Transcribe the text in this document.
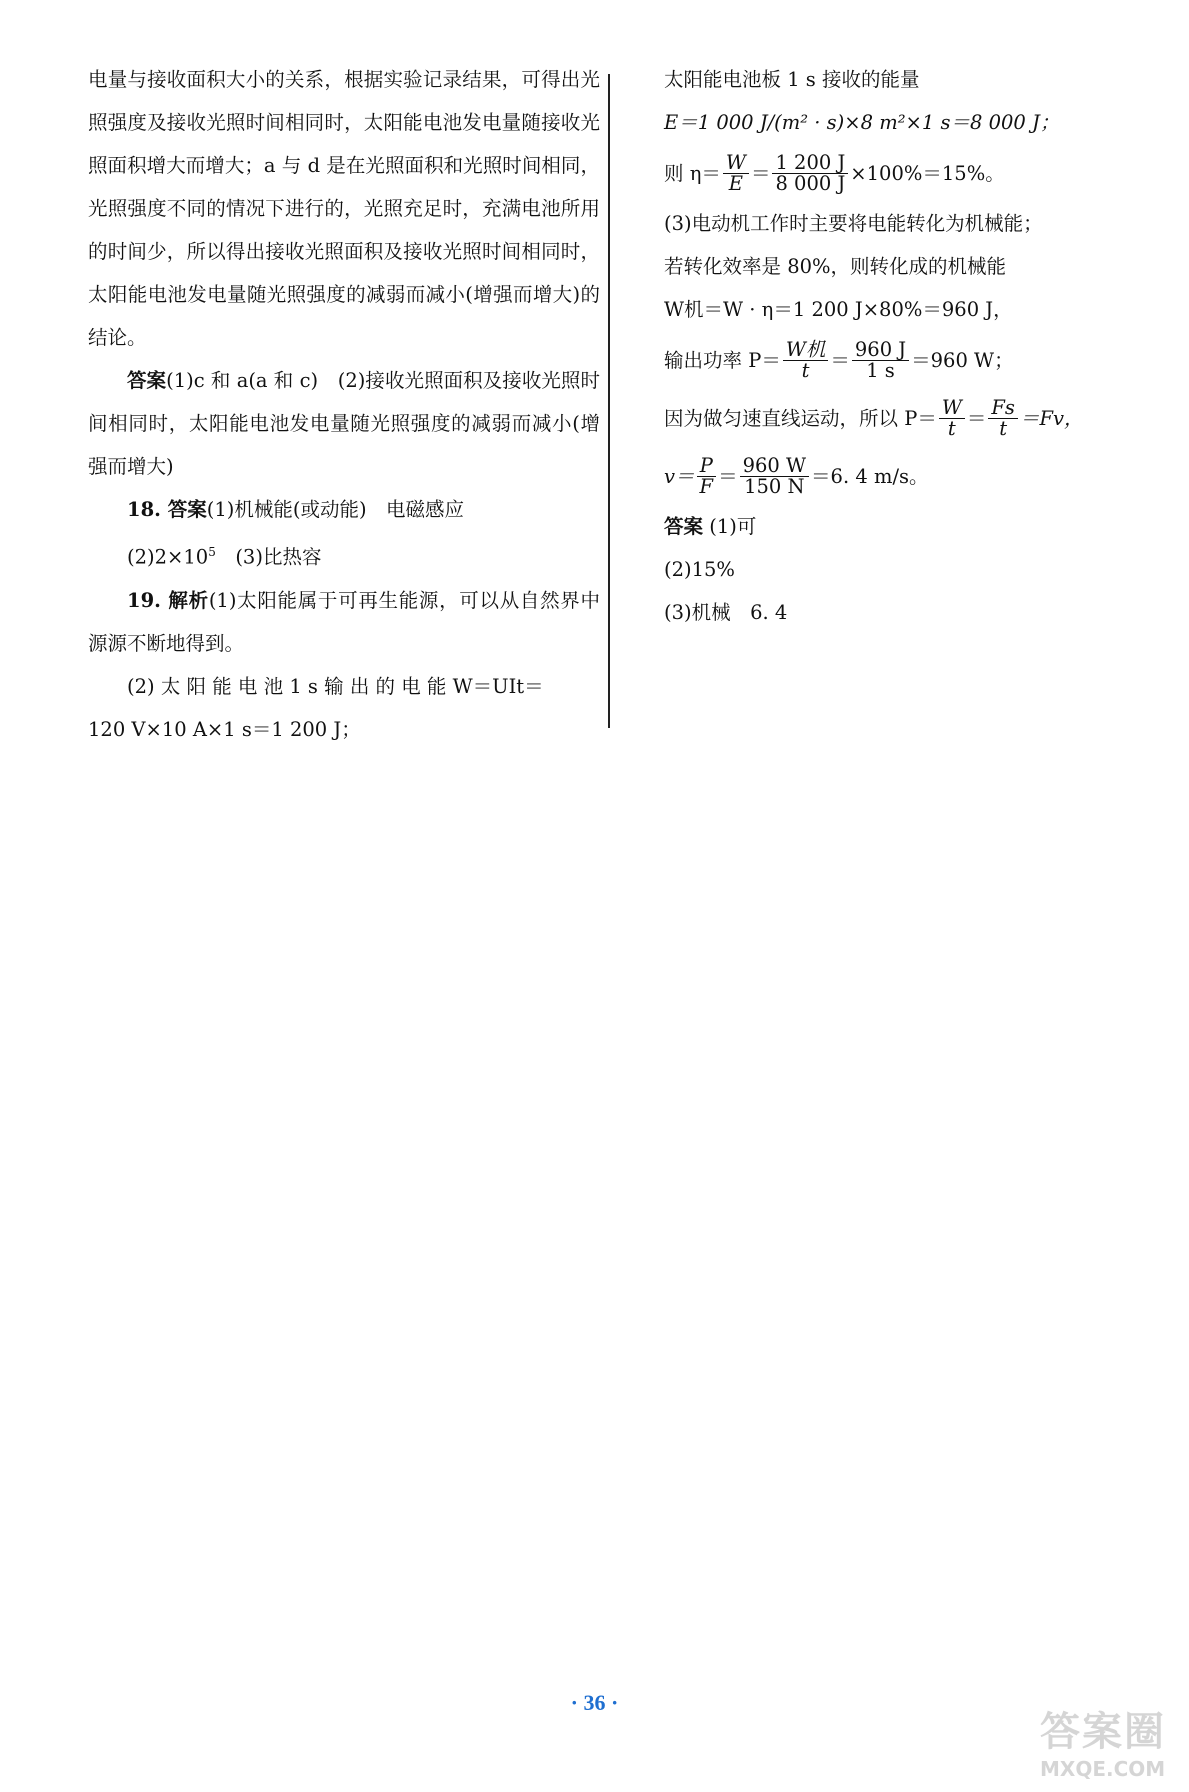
电量与接收面积大小的关系，根据实验记录结果，可得出光照强度及接收光照时间相同时，太阳能电池发电量随接收光照面积增大而增大；a 与 d 是在光照面积和光照时间相同，光照强度不同的情况下进行的，光照充足时，充满电池所用的时间少，所以得出接收光照面积及接收光照时间相同时，太阳能电池发电量随光照强度的减弱而减小(增强而增大)的结论。

答案(1)c 和 a(a 和 c)　(2)接收光照面积及接收光照时间相同时，太阳能电池发电量随光照强度的减弱而减小(增强而增大)

18. 答案(1)机械能(或动能)　电磁感应

$(2)2\times 10^5$　(3)比热容

19. 解析(1)太阳能属于可再生能源，可以从自然界中源源不断地得到。

(2) 太 阳 能 电 池 1 s 输 出 的 电 能 W＝UIt＝

120 V×10 A×1 s＝1 200 J；

太阳能电池板 1 s 接收的能量
E＝1 000 J/(m² · s)×8 m²×1 s＝8 000 J；
则 $\eta= \frac{W}{E} = \frac{1 200 J}{8 000 J} \times 100\%=15\%$。
(3)电动机工作时主要将电能转化为机械能；
若转化效率是 80%，则转化成的机械能
W机＝W · η＝1 200 J×80%＝960 J，
输出功率 $P= \frac{\text{W机}}{t} = \frac{960 J}{1 s} =960$ W；
因为做匀速直线运动，所以 $P= \frac{W}{t} = \frac{Fs}{t} =Fv$，
$v= \frac{P}{F} = \frac{960 W}{150 N} =6$. 4 m/s。
答案
(1)可
(2)15%
(3)机械　6. 4
· 36 ·
答案圈
MXQE.COM
